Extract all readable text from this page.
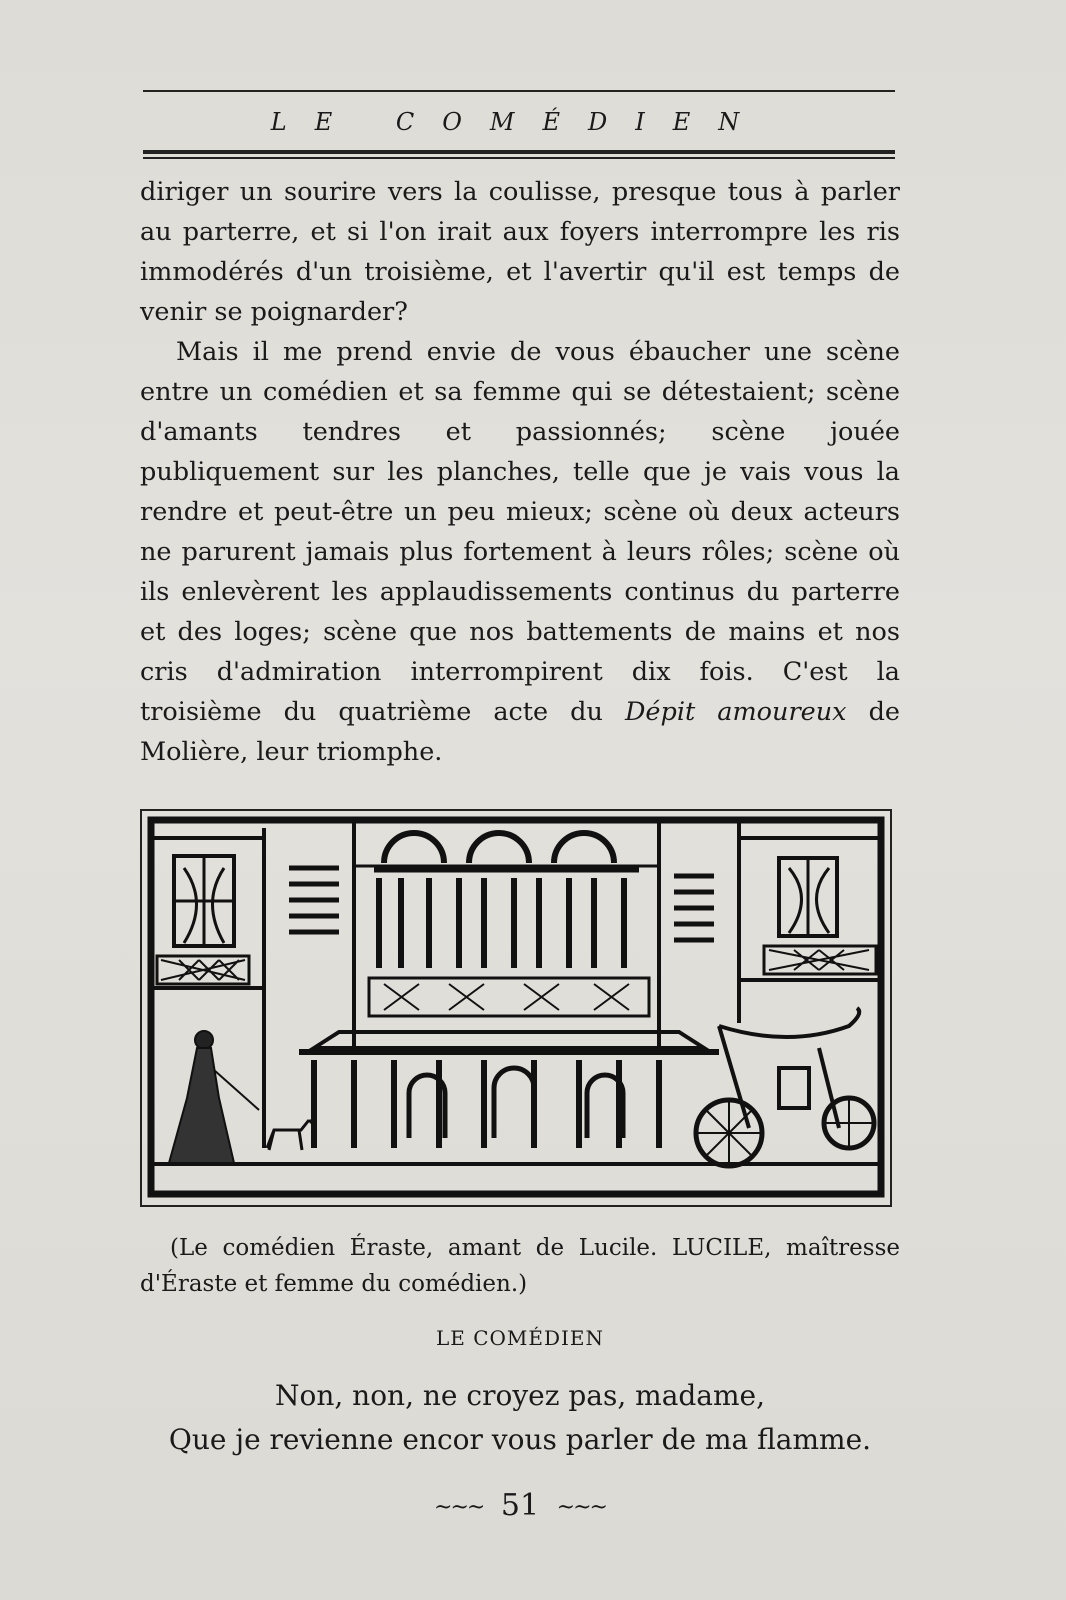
LE COMÉDIEN

diriger un sourire vers la coulisse, presque tous à parler au parterre, et si l'on irait aux foyers interrompre les ris immodérés d'un troisième, et l'avertir qu'il est temps de venir se poignarder?

Mais il me prend envie de vous ébaucher une scène entre un comédien et sa femme qui se détestaient; scène d'amants tendres et passionnés; scène jouée publiquement sur les planches, telle que je vais vous la rendre et peut-être un peu mieux; scène où deux acteurs ne parurent jamais plus fortement à leurs rôles; scène où ils enlevèrent les applaudissements continus du parterre et des loges; scène que nos battements de mains et nos cris d'admiration interrompirent dix fois. C'est la troisième du quatrième acte du Dépit amoureux de Molière, leur triomphe.

(Le comédien Éraste, amant de Lucile. LUCILE, maîtresse d'Éraste et femme du comédien.)

LE COMÉDIEN
Non, non, ne croyez pas, madame,
Que je revienne encor vous parler de ma flamme.
~~~ 51 ~~~
